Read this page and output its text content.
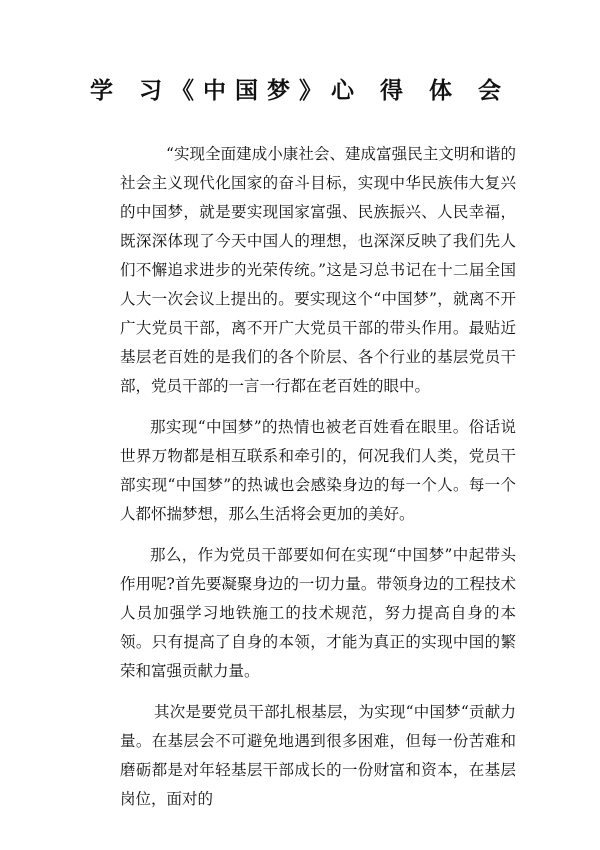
学 习《中国梦》心 得 体 会

“实现全面建成小康社会、建成富强民主文明和谐的社会主义现代化国家的奋斗目标，实现中华民族伟大复兴的中国梦，就是要实现国家富强、民族振兴、人民幸福，既深深体现了今天中国人的理想，也深深反映了我们先人们不懈追求进步的光荣传统。”这是习总书记在十二届全国人大一次会议上提出的。要实现这个“中国梦”，就离不开广大党员干部，离不开广大党员干部的带头作用。最贴近基层老百姓的是我们的各个阶层、各个行业的基层党员干部，党员干部的一言一行都在老百姓的眼中。

那实现“中国梦”的热情也被老百姓看在眼里。俗话说世界万物都是相互联系和牵引的，何况我们人类，党员干部实现“中国梦”的热诚也会感染身边的每一个人。每一个人都怀揣梦想，那么生活将会更加的美好。

那么，作为党员干部要如何在实现“中国梦”中起带头作用呢?首先要凝聚身边的一切力量。带领身边的工程技术人员加强学习地铁施工的技术规范，努力提高自身的本领。只有提高了自身的本领，才能为真正的实现中国的繁荣和富强贡献力量。

其次是要党员干部扎根基层，为实现“中国梦“贡献力量。在基层会不可避免地遇到很多困难，但每一份苦难和磨砺都是对年轻基层干部成长的一份财富和资本，在基层岗位，面对的
